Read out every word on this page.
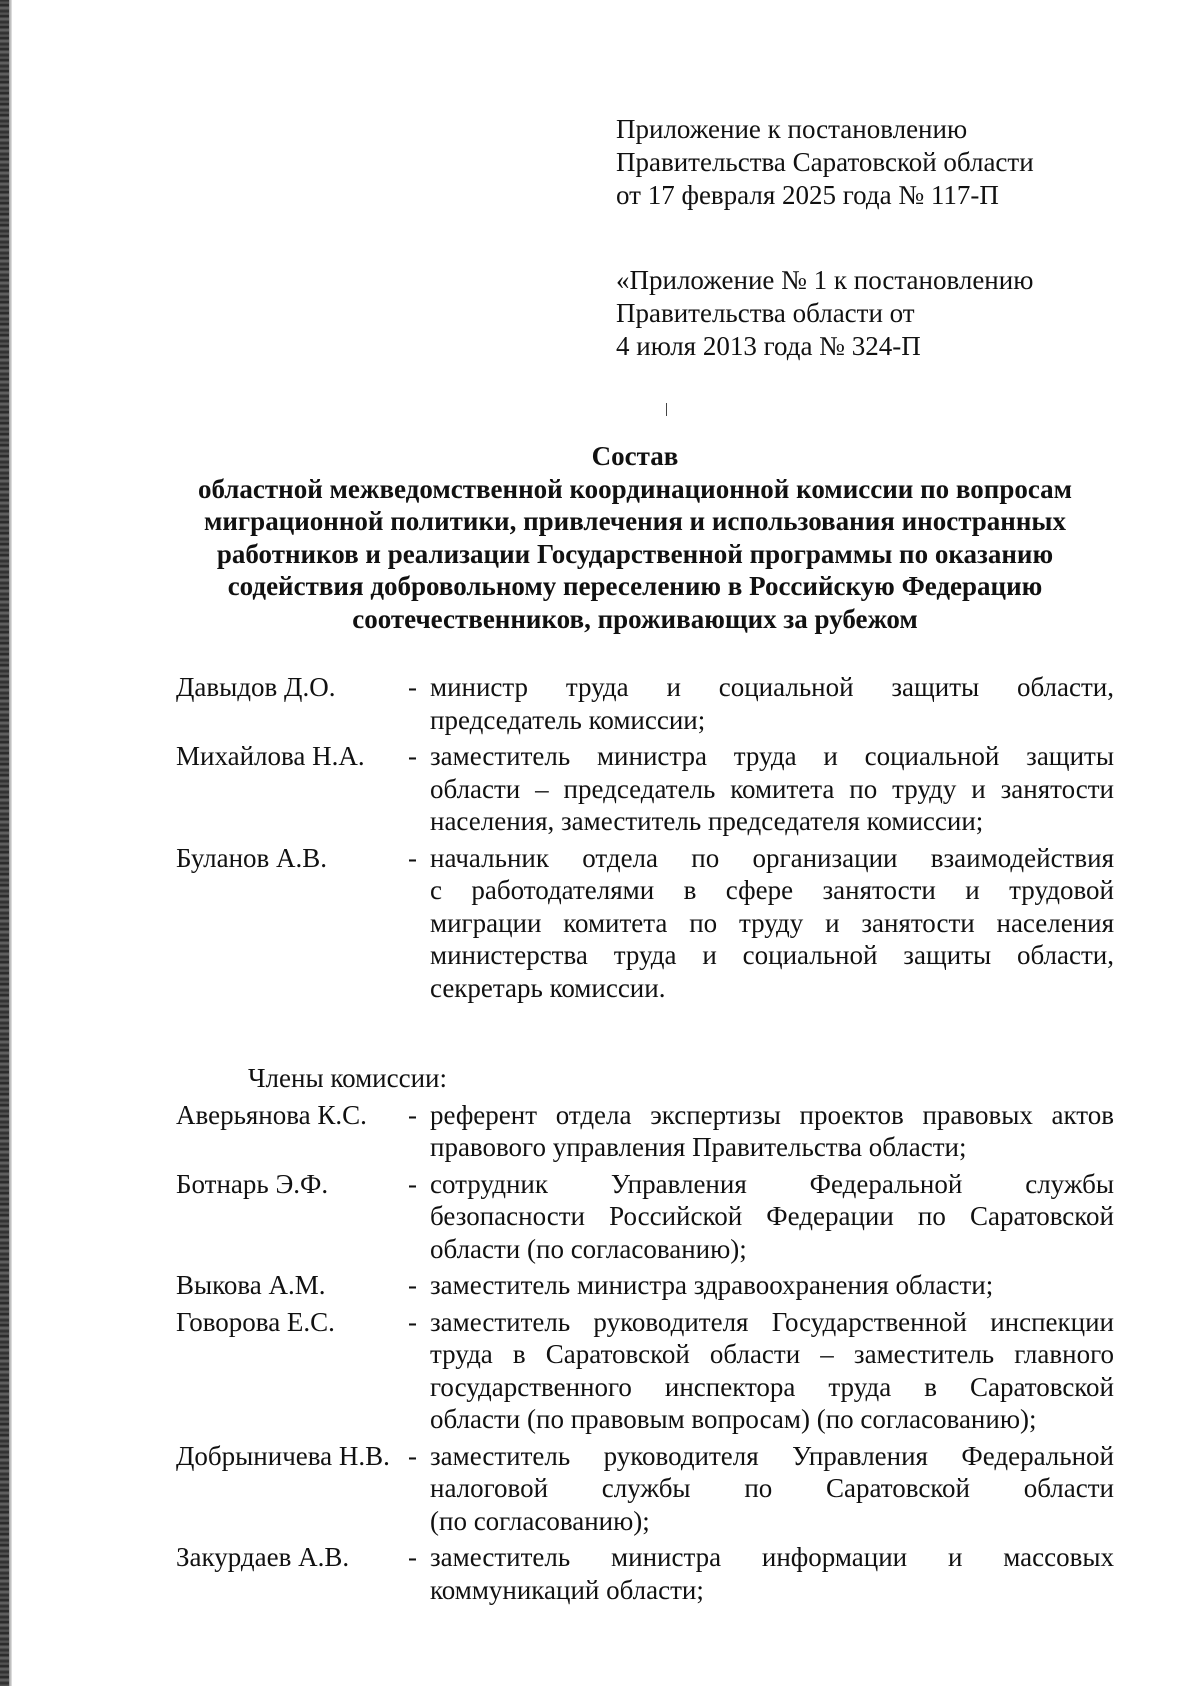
Приложение к постановлению
Правительства Саратовской области
от 17 февраля 2025 года № 117-П
«Приложение № 1 к постановлению
Правительства области от
4 июля 2013 года № 324-П
Состав
областной межведомственной координационной комиссии по вопросам
миграционной политики, привлечения и использования иностранных
работников и реализации Государственной программы по оказанию
содействия добровольному переселению в Российскую Федерацию
соотечественников, проживающих за рубежом
Давыдов Д.О.	- министр труда и социальной защиты области,
председатель комиссии;
Михайлова Н.А.	- заместитель министра труда и социальной защиты
области – председатель комитета по труду и занятости
населения, заместитель председателя комиссии;
Буланов А.В.	- начальник отдела по организации взаимодействия
с работодателями в сфере занятости и трудовой
миграции комитета по труду и занятости населения
министерства труда и социальной защиты области,
секретарь комиссии.
Члены комиссии:
Аверьянова К.С.	- референт отдела экспертизы проектов правовых актов
правового управления Правительства области;
Ботнарь Э.Ф.	- сотрудник Управления Федеральной службы
безопасности Российской Федерации по Саратовской
области (по согласованию);
Выкова А.М.	- заместитель министра здравоохранения области;
Говорова Е.С.	- заместитель руководителя Государственной инспекции
труда в Саратовской области – заместитель главного
государственного инспектора труда в Саратовской
области (по правовым вопросам) (по согласованию);
Добрыничева Н.В. - заместитель руководителя Управления Федеральной
налоговой службы по Саратовской области
(по согласованию);
Закурдаев А.В.	- заместитель министра информации и массовых
коммуникаций области;
